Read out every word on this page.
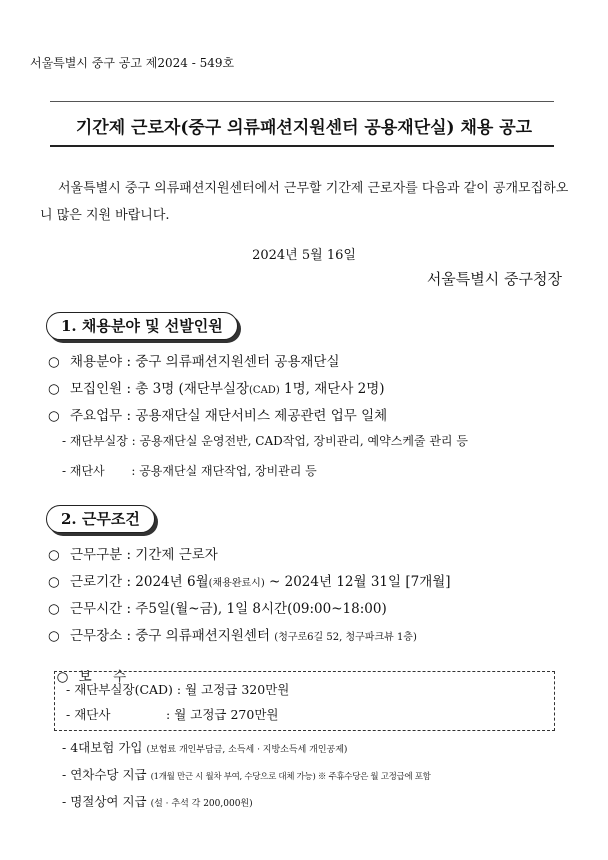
서울특별시 중구 공고 제2024 - 549호
기간제 근로자(중구 의류패션지원센터 공용재단실) 채용 공고
서울특별시 중구 의류패션지원센터에서 근무할 기간제 근로자를 다음과 같이 공개모집하오니 많은 지원 바랍니다.
2024년 5월 16일
서울특별시 중구청장
1. 채용분야 및 선발인원
○ 채용분야 : 중구 의류패션지원센터 공용재단실
○ 모집인원 : 총 3명 (재단부실장(CAD) 1명, 재단사 2명)
○ 주요업무 : 공용재단실 재단서비스 제공관련 업무 일체
- 재단부실장 : 공용재단실 운영전반, CAD작업, 장비관리, 예약스케줄 관리 등
- 재단사       : 공용재단실 재단작업, 장비관리 등
2. 근무조건
○ 근무구분 : 기간제 근로자
○ 근로기간 : 2024년 6월(채용완료시) ~ 2024년 12월 31일 [7개월]
○ 근무시간 : 주5일(월~금), 1일 8시간(09:00~18:00)
○ 근무장소 : 중구 의류패션지원센터 (청구로6길 52, 청구파크뷰 1층)

○ 보     수

- 재단부실장(CAD) : 월 고정급 320만원
- 재단사              : 월 고정급 270만원
- 4대보험 가입 (보험료 개인부담금, 소득세 · 지방소득세 개인공제)
- 연차수당 지급 (1개월 만근 시 월차 부여, 수당으로 대체 가능) ※ 주휴수당은 월 고정급에 포함
- 명절상여 지급 (설 · 추석 각 200,000원)
